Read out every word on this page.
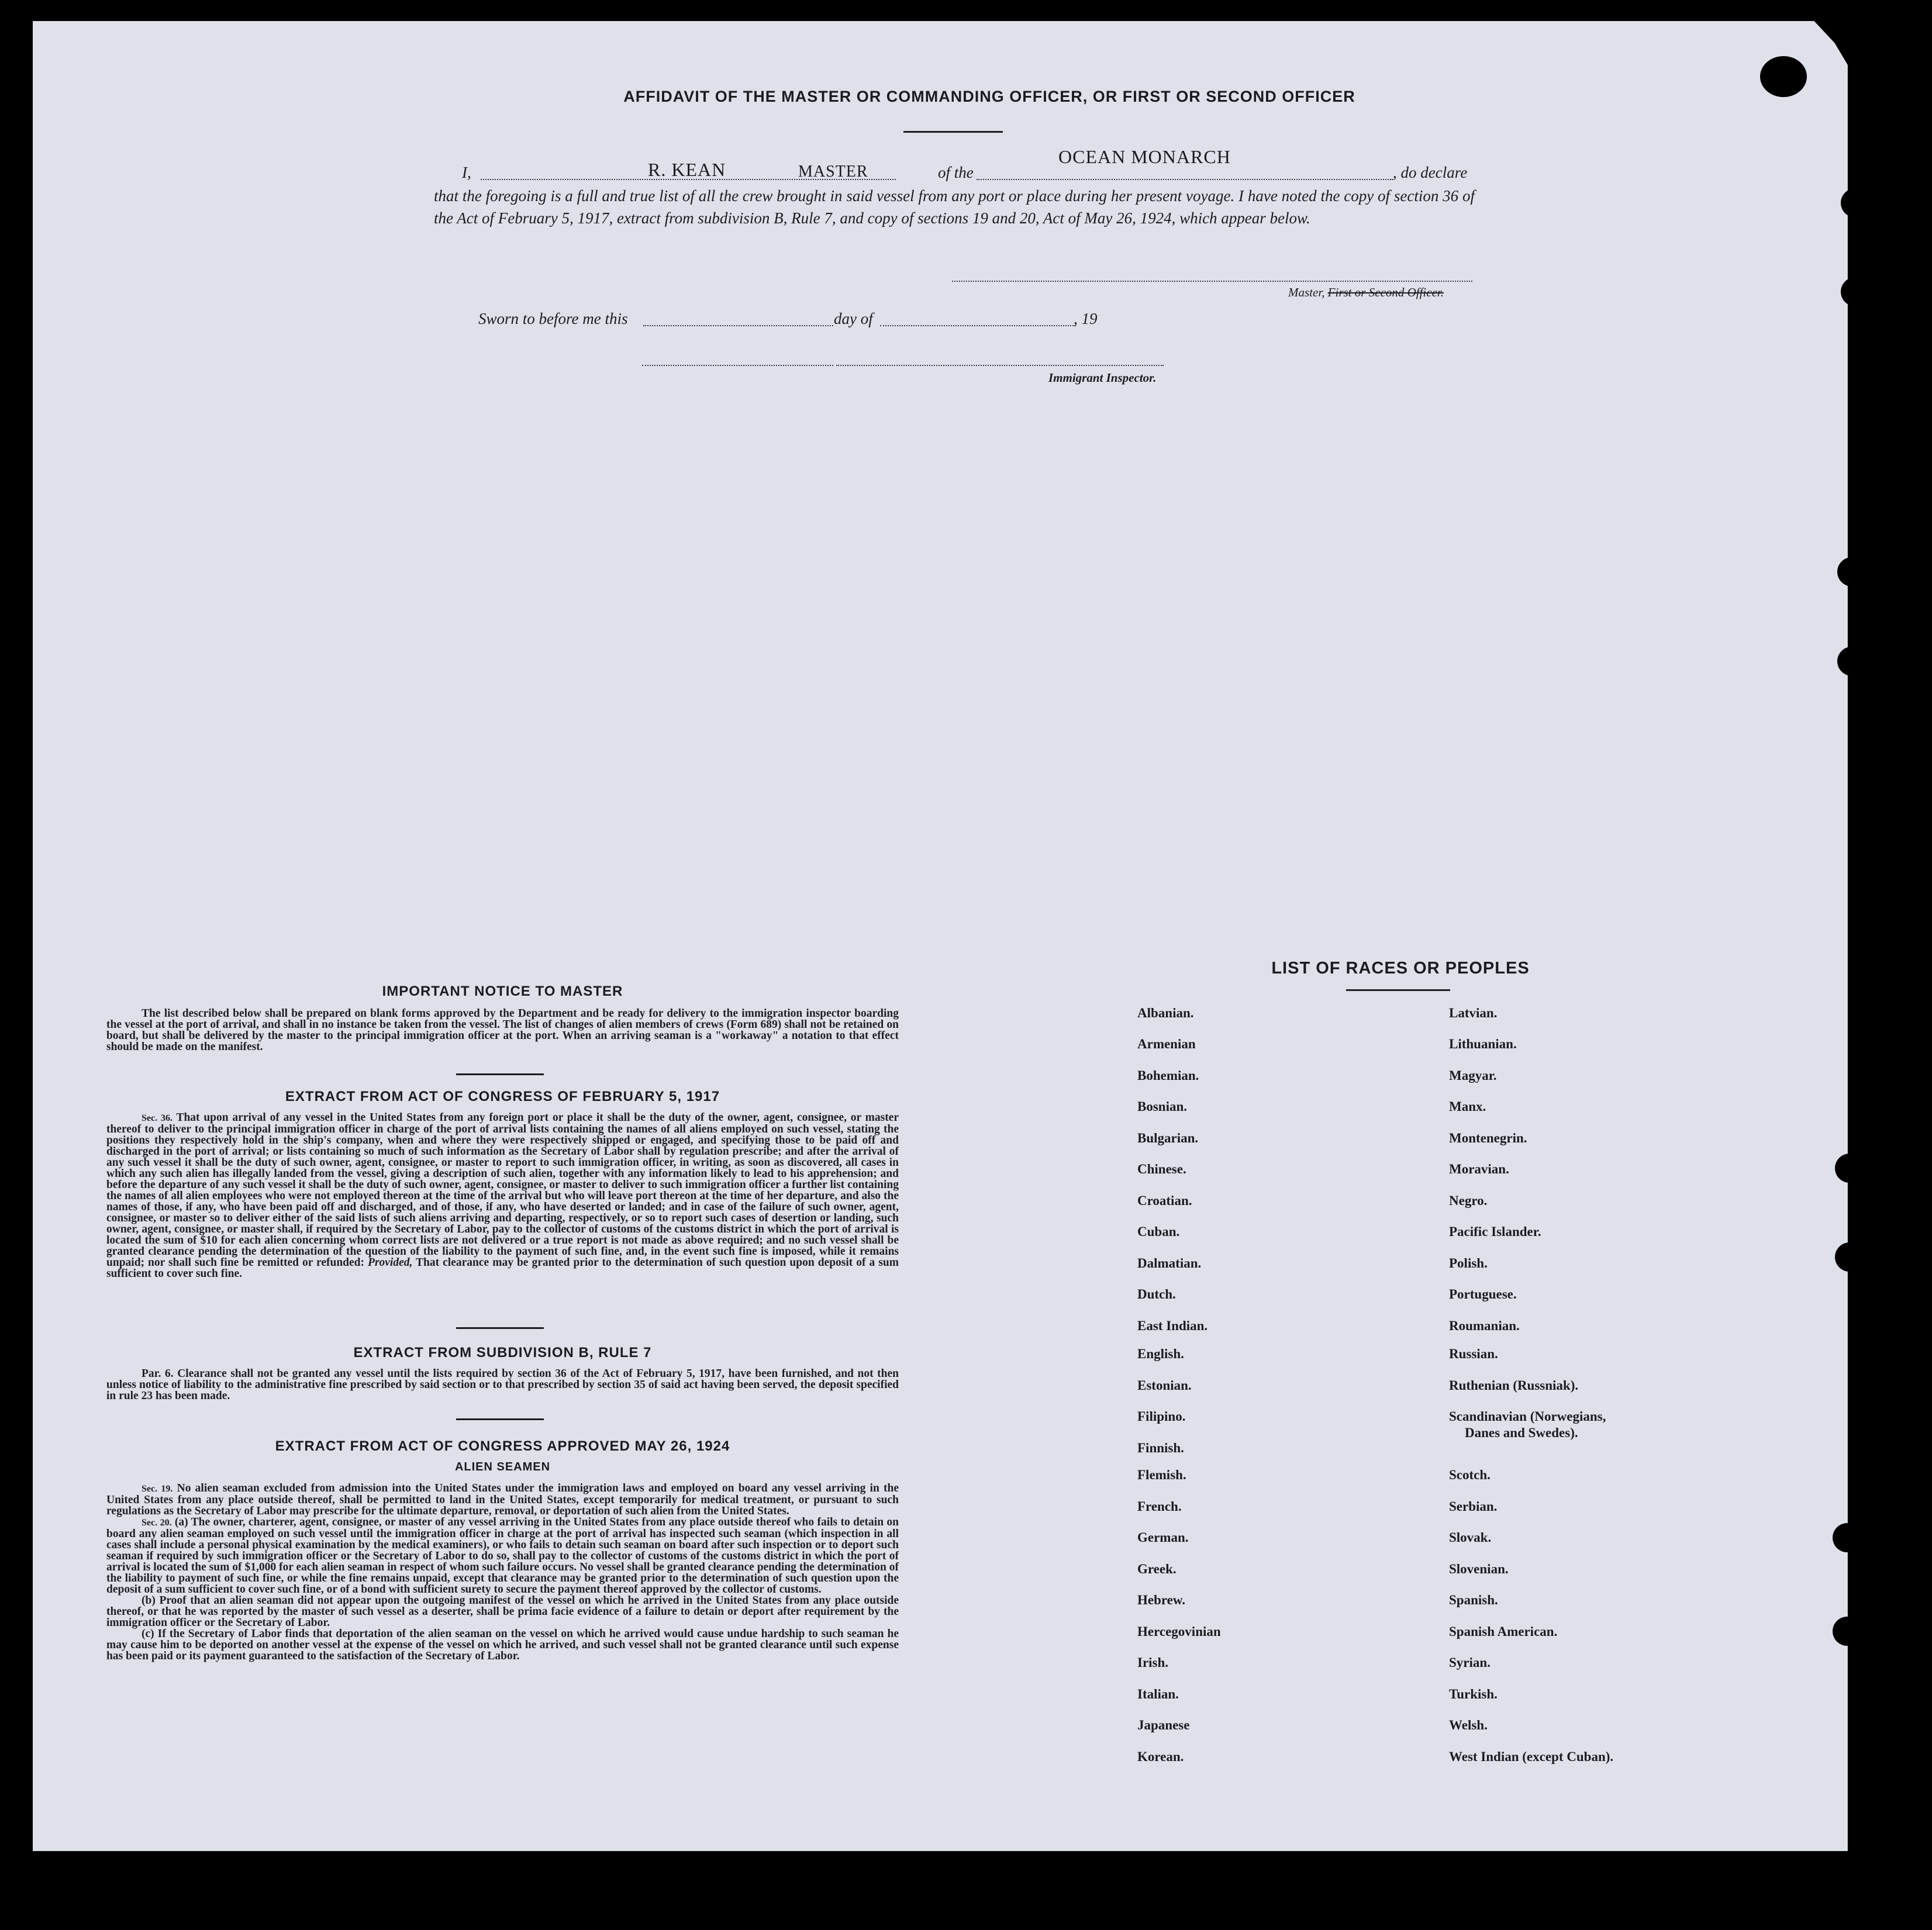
AFFIDAVIT OF THE MASTER OR COMMANDING OFFICER, OR FIRST OR SECOND OFFICER
I,	R. KEAN	MASTER	of the
OCEAN MONARCH
, do declare
that the foregoing is a full and true list of all the crew brought in said vessel from any port or place during her present voyage. I have noted the copy of section 36 of the Act of February 5, 1917, extract from subdivision B, Rule 7, and copy of sections 19 and 20, Act of May 26, 1924, which appear below.
Master, First or Second Officer.
Sworn to before me this	day of	, 19
Immigrant Inspector.
IMPORTANT NOTICE TO MASTER
The list described below shall be prepared on blank forms approved by the Department and be ready for delivery to the immigration inspector boarding the vessel at the port of arrival, and shall in no instance be taken from the vessel. The list of changes of alien members of crews (Form 689) shall not be retained on board, but shall be delivered by the master to the principal immigration officer at the port. When an arriving seaman is a "workaway" a notation to that effect should be made on the manifest.
EXTRACT FROM ACT OF CONGRESS OF FEBRUARY 5, 1917
Sec. 36. That upon arrival of any vessel in the United States from any foreign port or place it shall be the duty of the owner, agent, consignee, or master thereof to deliver to the principal immigration officer in charge of the port of arrival lists containing the names of all aliens employed on such vessel, stating the positions they respectively hold in the ship's company, when and where they were respectively shipped or engaged, and specifying those to be paid off and discharged in the port of arrival; or lists containing so much of such information as the Secretary of Labor shall by regulation prescribe; and after the arrival of any such vessel it shall be the duty of such owner, agent, consignee, or master to report to such immigration officer, in writing, as soon as discovered, all cases in which any such alien has illegally landed from the vessel, giving a description of such alien, together with any information likely to lead to his apprehension; and before the departure of any such vessel it shall be the duty of such owner, agent, consignee, or master to deliver to such immigration officer a further list containing the names of all alien employees who were not employed thereon at the time of the arrival but who will leave port thereon at the time of her departure, and also the names of those, if any, who have been paid off and discharged, and of those, if any, who have deserted or landed; and in case of the failure of such owner, agent, consignee, or master so to deliver either of the said lists of such aliens arriving and departing, respectively, or so to report such cases of desertion or landing, such owner, agent, consignee, or master shall, if required by the Secretary of Labor, pay to the collector of customs of the customs district in which the port of arrival is located the sum of $10 for each alien concerning whom correct lists are not delivered or a true report is not made as above required; and no such vessel shall be granted clearance pending the determination of the question of the liability to the payment of such fine, and, in the event such fine is imposed, while it remains unpaid; nor shall such fine be remitted or refunded: Provided, That clearance may be granted prior to the determination of such question upon deposit of a sum sufficient to cover such fine.
EXTRACT FROM SUBDIVISION B, RULE 7
Par. 6. Clearance shall not be granted any vessel until the lists required by section 36 of the Act of February 5, 1917, have been furnished, and not then unless notice of liability to the administrative fine prescribed by said section or to that prescribed by section 35 of said act having been served, the deposit specified in rule 23 has been made.
EXTRACT FROM ACT OF CONGRESS APPROVED MAY 26, 1924
ALIEN SEAMEN
Sec. 19. No alien seaman excluded from admission into the United States under the immigration laws and employed on board any vessel arriving in the United States from any place outside thereof, shall be permitted to land in the United States, except temporarily for medical treatment, or pursuant to such regulations as the Secretary of Labor may prescribe for the ultimate departure, removal, or deportation of such alien from the United States.
Sec. 20. (a) The owner, charterer, agent, consignee, or master of any vessel arriving in the United States from any place outside thereof who fails to detain on board any alien seaman employed on such vessel until the immigration officer in charge at the port of arrival has inspected such seaman (which inspection in all cases shall include a personal physical examination by the medical examiners), or who fails to detain such seaman on board after such inspection or to deport such seaman if required by such immigration officer or the Secretary of Labor to do so, shall pay to the collector of customs of the customs district in which the port of arrival is located the sum of $1,000 for each alien seaman in respect of whom such failure occurs. No vessel shall be granted clearance pending the determination of the liability to payment of such fine, or while the fine remains unpaid, except that clearance may be granted prior to the determination of such question upon the deposit of a sum sufficient to cover such fine, or of a bond with sufficient surety to secure the payment thereof approved by the collector of customs.
(b) Proof that an alien seaman did not appear upon the outgoing manifest of the vessel on which he arrived in the United States from any place outside thereof, or that he was reported by the master of such vessel as a deserter, shall be prima facie evidence of a failure to detain or deport after requirement by the immigration officer or the Secretary of Labor.
(c) If the Secretary of Labor finds that deportation of the alien seaman on the vessel on which he arrived would cause undue hardship to such seaman he may cause him to be deported on another vessel at the expense of the vessel on which he arrived, and such vessel shall not be granted clearance until such expense has been paid or its payment guaranteed to the satisfaction of the Secretary of Labor.
LIST OF RACES OR PEOPLES
Albanian.
Armenian
Bohemian.
Bosnian.
Bulgarian.
Chinese.
Croatian.
Cuban.
Dalmatian.
Dutch.
East Indian.
English.
Estonian.
Filipino.
Finnish.
Flemish.
French.
German.
Greek.
Hebrew.
Hercegovinian
Irish.
Italian.
Japanese
Korean.
Latvian.
Lithuanian.
Magyar.
Manx.
Montenegrin.
Moravian.
Negro.
Pacific Islander.
Polish.
Portuguese.
Roumanian.
Russian.
Ruthenian (Russniak).
Scandinavian (Norwegians,
Danes and Swedes).
Scotch.
Serbian.
Slovak.
Slovenian.
Spanish.
Spanish American.
Syrian.
Turkish.
Welsh.
West Indian (except Cuban).
